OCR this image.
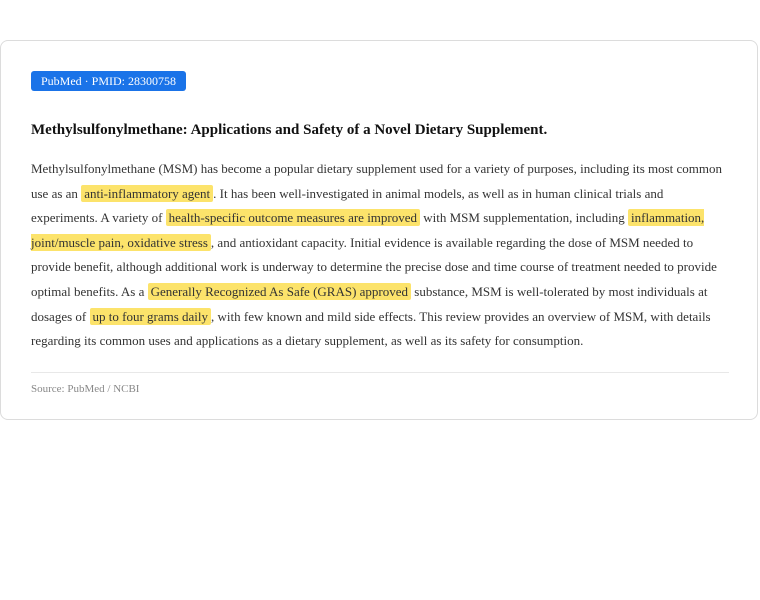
PubMed · PMID: 28300758
Methylsulfonylmethane: Applications and Safety of a Novel Dietary Supplement.
Methylsulfonylmethane (MSM) has become a popular dietary supplement used for a variety of purposes, including its most common use as an anti-inflammatory agent . It has been well-investigated in animal models, as well as in human clinical trials and experiments. A variety of health-specific outcome measures are improved with MSM supplementation, including inflammation, joint/muscle pain, oxidative stress , and antioxidant capacity. Initial evidence is available regarding the dose of MSM needed to provide benefit, although additional work is underway to determine the precise dose and time course of treatment needed to provide optimal benefits. As a Generally Recognized As Safe (GRAS) approved substance, MSM is well-tolerated by most individuals at dosages of up to four grams daily , with few known and mild side effects. This review provides an overview of MSM, with details regarding its common uses and applications as a dietary supplement, as well as its safety for consumption.
Source: PubMed / NCBI
